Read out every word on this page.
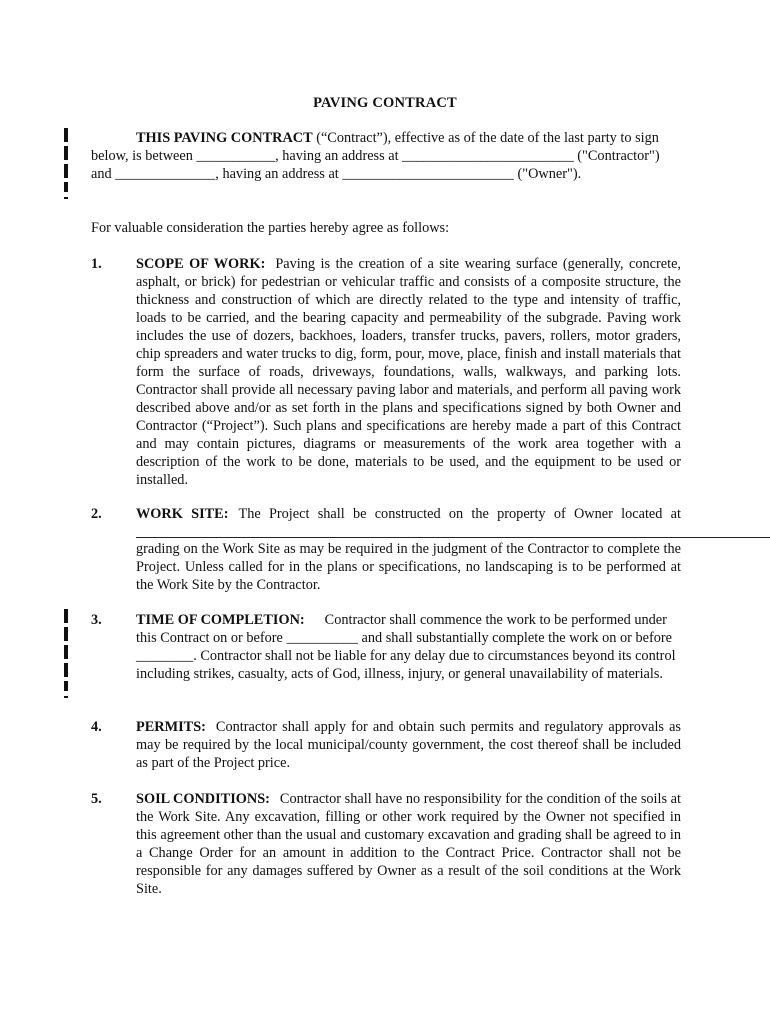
PAVING CONTRACT
THIS PAVING CONTRACT (“Contract”), effective as of the date of the last party to sign below, is between ___________, having an address at ________________________ ("Contractor") and ______________, having an address at ________________________ ("Owner").
For valuable consideration the parties hereby agree as follows:
1. SCOPE OF WORK: Paving is the creation of a site wearing surface (generally, concrete, asphalt, or brick) for pedestrian or vehicular traffic and consists of a composite structure, the thickness and construction of which are directly related to the type and intensity of traffic, loads to be carried, and the bearing capacity and permeability of the subgrade. Paving work includes the use of dozers, backhoes, loaders, transfer trucks, pavers, rollers, motor graders, chip spreaders and water trucks to dig, form, pour, move, place, finish and install materials that form the surface of roads, driveways, foundations, walls, walkways, and parking lots. Contractor shall provide all necessary paving labor and materials, and perform all paving work described above and/or as set forth in the plans and specifications signed by both Owner and Contractor (“Project”). Such plans and specifications are hereby made a part of this Contract and may contain pictures, diagrams or measurements of the work area together with a description of the work to be done, materials to be used, and the equipment to be used or installed.
2. WORK SITE: The Project shall be constructed on the property of Owner located at
grading on the Work Site as may be required in the judgment of the Contractor to complete the Project. Unless called for in the plans or specifications, no landscaping is to be performed at the Work Site by the Contractor.
3. TIME OF COMPLETION: Contractor shall commence the work to be performed under this Contract on or before __________ and shall substantially complete the work on or before ________. Contractor shall not be liable for any delay due to circumstances beyond its control including strikes, casualty, acts of God, illness, injury, or general unavailability of materials.
4. PERMITS: Contractor shall apply for and obtain such permits and regulatory approvals as may be required by the local municipal/county government, the cost thereof shall be included as part of the Project price.
5. SOIL CONDITIONS: Contractor shall have no responsibility for the condition of the soils at the Work Site. Any excavation, filling or other work required by the Owner not specified in this agreement other than the usual and customary excavation and grading shall be agreed to in a Change Order for an amount in addition to the Contract Price. Contractor shall not be responsible for any damages suffered by Owner as a result of the soil conditions at the Work Site.
